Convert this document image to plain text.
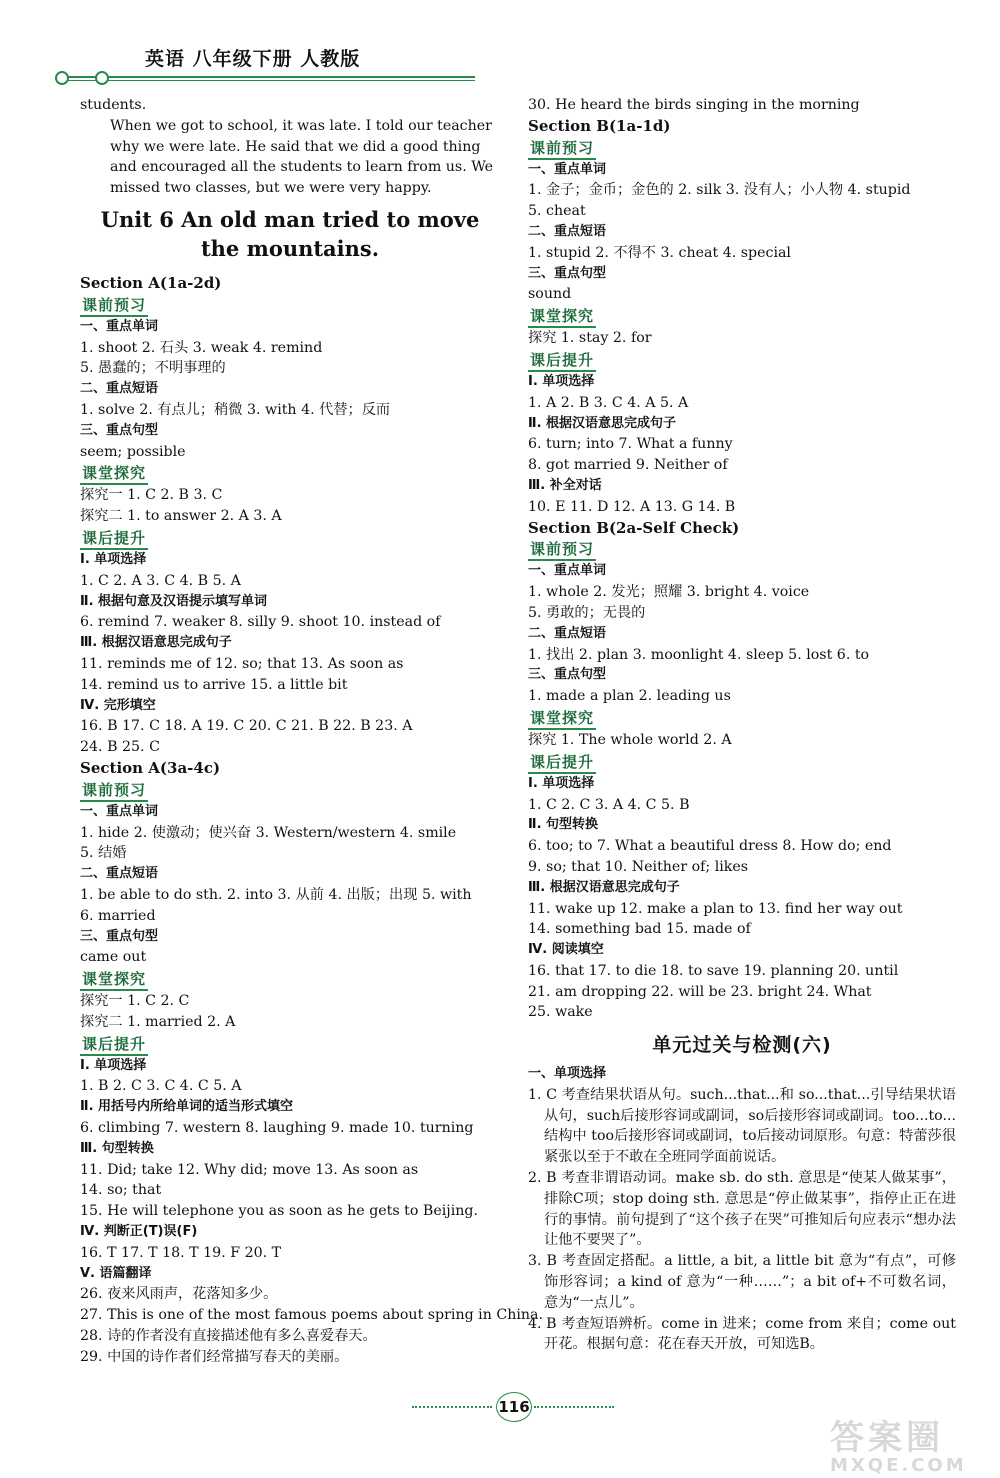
英语 八年级下册 人教版
students.
When we got to school, it was late. I told our teacher why we were late. He said that we did a good thing and encouraged all the students to learn from us. We missed two classes, but we were very happy.
Unit 6 An old man tried to move the mountains.
Section A(1a-2d)
课前预习
一、重点单词
1. shoot 2. 石头 3. weak 4. remind
5. 愚蠢的；不明事理的
二、重点短语
1. solve 2. 有点儿；稍微 3. with 4. 代替；反而
三、重点句型
seem; possible
课堂探究
探究一 1. C 2. B 3. C
探究二 1. to answer 2. A 3. A
课后提升
Ⅰ. 单项选择
1. C 2. A 3. C 4. B 5. A
Ⅱ. 根据句意及汉语提示填写单词
6. remind 7. weaker 8. silly 9. shoot 10. instead of
Ⅲ. 根据汉语意思完成句子
11. reminds me of 12. so; that 13. As soon as
14. remind us to arrive 15. a little bit
Ⅳ. 完形填空
16. B 17. C 18. A 19. C 20. C 21. B 22. B 23. A
24. B 25. C
Section A(3a-4c)
课前预习
一、重点单词
1. hide 2. 使激动；使兴奋 3. Western/western 4. smile
5. 结婚
二、重点短语
1. be able to do sth. 2. into 3. 从前 4. 出版；出现 5. with
6. married
三、重点句型
came out
课堂探究
探究一 1. C 2. C
探究二 1. married 2. A
课后提升
Ⅰ. 单项选择
1. B 2. C 3. C 4. C 5. A
Ⅱ. 用括号内所给单词的适当形式填空
6. climbing 7. western 8. laughing 9. made 10. turning
Ⅲ. 句型转换
11. Did; take 12. Why did; move 13. As soon as
14. so; that
15. He will telephone you as soon as he gets to Beijing.
Ⅳ. 判断正(T)误(F)
16. T 17. T 18. T 19. F 20. T
Ⅴ. 语篇翻译
26. 夜来风雨声，花落知多少。
27. This is one of the most famous poems about spring in China.
28. 诗的作者没有直接描述他有多么喜爱春天。
29. 中国的诗作者们经常描写春天的美丽。
30. He heard the birds singing in the morning
Section B(1a-1d)
课前预习
一、重点单词
1. 金子；金币；金色的 2. silk 3. 没有人；小人物 4. stupid
5. cheat
二、重点短语
1. stupid 2. 不得不 3. cheat 4. special
三、重点句型
sound
课堂探究
探究 1. stay 2. for
课后提升
Ⅰ. 单项选择
1. A 2. B 3. C 4. A 5. A
Ⅱ. 根据汉语意思完成句子
6. turn; into 7. What a funny
8. got married 9. Neither of
Ⅲ. 补全对话
10. E 11. D 12. A 13. G 14. B
Section B(2a-Self Check)
课前预习
一、重点单词
1. whole 2. 发光；照耀 3. bright 4. voice
5. 勇敢的；无畏的
二、重点短语
1. 找出 2. plan 3. moonlight 4. sleep 5. lost 6. to
三、重点句型
1. made a plan 2. leading us
课堂探究
探究 1. The whole world 2. A
课后提升
Ⅰ. 单项选择
1. C 2. C 3. A 4. C 5. B
Ⅱ. 句型转换
6. too; to 7. What a beautiful dress 8. How do; end
9. so; that 10. Neither of; likes
Ⅲ. 根据汉语意思完成句子
11. wake up 12. make a plan to 13. find her way out
14. something bad 15. made of
Ⅳ. 阅读填空
16. that 17. to die 18. to save 19. planning 20. until
21. am dropping 22. will be 23. bright 24. What
25. wake
单元过关与检测(六)
一、单项选择
1. C 考查结果状语从句。such...that...和 so...that...引导结果状语从句，such后接形容词或副词，so后接形容词或副词。too...to...结构中 too后接形容词或副词，to后接动词原形。句意：特蕾莎很紧张以至于不敢在全班同学面前说话。
2. B 考查非谓语动词。make sb. do sth. 意思是“使某人做某事”，排除C项；stop doing sth. 意思是“停止做某事”，指停止正在进行的事情。前句提到了“这个孩子在哭”可推知后句应表示“想办法让他不要哭了”。
3. B 考查固定搭配。a little, a bit, a little bit 意为“有点”，可修饰形容词；a kind of 意为“一种……”；a bit of+不可数名词，意为“一点儿”。
4. B 考查短语辨析。come in 进来；come from 来自；come out 开花。根据句意：花在春天开放，可知选B。
116
答案圈
MXQE.COM
